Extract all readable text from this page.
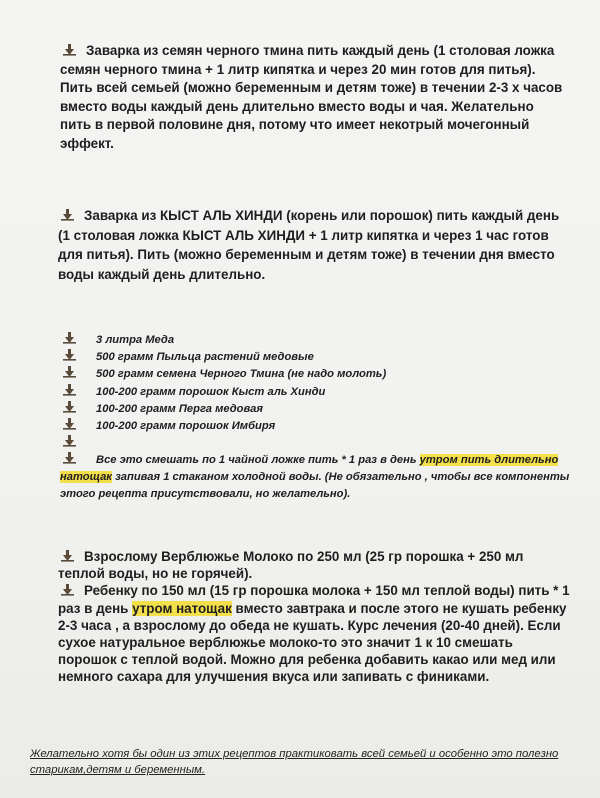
Заварка из семян черного тмина пить каждый день (1 столовая ложка семян черного тмина + 1 литр кипятка и через 20 мин готов для питья). Пить всей семьей (можно беременным и детям тоже) в течении 2-3 х часов вместо воды каждый день длительно вместо воды и чая. Желательно пить в первой половине дня, потому что имеет некотрый мочегонный эффект.
Заварка из КЫСТ АЛЬ ХИНДИ (корень или порошок) пить каждый день (1 столовая ложка КЫСТ АЛЬ ХИНДИ + 1 литр кипятка и через 1 час готов для питья). Пить (можно беременным и детям тоже) в течении дня вместо воды каждый день длительно.
3 литра Меда
500 грамм Пыльца растений медовые
500 грамм семена Черного Тмина (не надо молоть)
100-200 грамм порошок Кыст аль Хинди
100-200 грамм Перга медовая
100-200 грамм порошок Имбиря
Все это смешать по 1 чайной ложке пить * 1 раз в день утром пить длительно натощак запивая 1 стаканом холодной воды. (Не обязательно , чтобы все компоненты этого рецепта присутствовали, но желательно).

Взрослому Верблюжье Молоко по 250 мл (25 гр порошка + 250 мл теплой воды, но не горячей).

Ребенку по 150 мл (15 гр порошка молока + 150 мл теплой воды) пить * 1 раз в день утром натощак вместо завтрака и после этого не кушать ребенку 2-3 часа , а взрослому до обеда не кушать. Курс лечения (20-40 дней). Если сухое натуральное верблюжье молоко-то это значит 1 к 10 смешать порошок с теплой водой. Можно для ребенка добавить какао или мед или немного сахара для улучшения вкуса или запивать с финиками.

Желательно хотя бы один из этих рецептов практиковать всей семьей и особенно это полезно старикам,детям и беременным.
